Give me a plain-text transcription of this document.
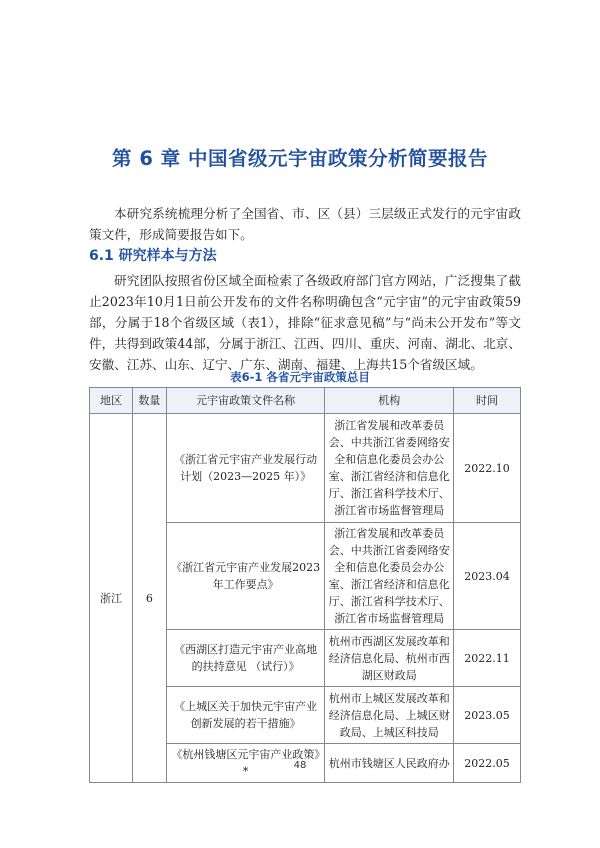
第 6 章 中国省级元宇宙政策分析简要报告

本研究系统梳理分析了全国省、市、区（县）三层级正式发行的元宇宙政策文件，形成简要报告如下。

6.1 研究样本与方法

研究团队按照省份区域全面检索了各级政府部门官方网站，广泛搜集了截止2023年10月1日前公开发布的文件名称明确包含“元宇宙”的元宇宙政策59部，分属于18个省级区域（表1），排除“征求意见稿”与“尚未公开发布”等文件，共得到政策44部，分属于浙江、江西、四川、重庆、河南、湖北、北京、安徽、江苏、山东、辽宁、广东、湖南、福建、上海共15个省级区域。

表6-1 各省元宇宙政策总目
地区	数量	元宇宙政策文件名称	机构	时间
浙江	6	《浙江省元宇宙产业发展行动计划（2023—2025 年）》	浙江省发展和改革委员会、中共浙江省委网络安全和信息化委员会办公室、浙江省经济和信息化厅、浙江省科学技术厅、浙江省市场监督管理局	2022.10
		《浙江省元宇宙产业发展2023年工作要点》	浙江省发展和改革委员会、中共浙江省委网络安全和信息化委员会办公室、浙江省经济和信息化厅、浙江省科学技术厅、浙江省市场监督管理局	2023.04
		《西湖区打造元宇宙产业高地的扶持意见 （试行）》	杭州市西湖区发展改革和经济信息化局、杭州市西湖区财政局	2022.11
		《上城区关于加快元宇宙产业创新发展的若干措施》	杭州市上城区发展改革和经济信息化局、上城区财政局、上城区科技局	2023.05
		《杭州钱塘区元宇宙产业政策》*	杭州市钱塘区人民政府办	2022.05
48
